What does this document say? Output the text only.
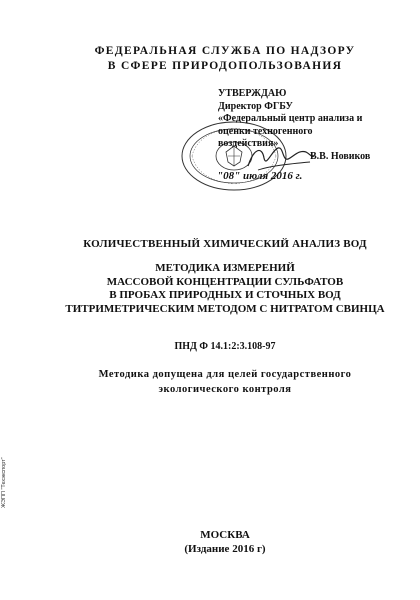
ФЕДЕРАЛЬНАЯ СЛУЖБА ПО НАДЗОРУ
В СФЕРЕ ПРИРОДОПОЛЬЗОВАНИЯ
УТВЕРЖДАЮ
Директор ФГБУ
«Федеральный центр анализа и
оценки техногенного
воздействия»
В.В. Новиков
"08" июля 2016 г.
КОЛИЧЕСТВЕННЫЙ ХИМИЧЕСКИЙ АНАЛИЗ ВОД
МЕТОДИКА ИЗМЕРЕНИЙ
МАССОВОЙ КОНЦЕНТРАЦИИ СУЛЬФАТОВ
В ПРОБАХ ПРИРОДНЫХ И СТОЧНЫХ ВОД
ТИТРИМЕТРИЧЕСКИМ МЕТОДОМ С НИТРАТОМ СВИНЦА
ПНД Ф 14.1:2:3.108-97
Методика допущена для целей государственного
экологического контроля
МОСКВА
(Издание 2016 г)
ЖЭПП "Техэкспорт"
